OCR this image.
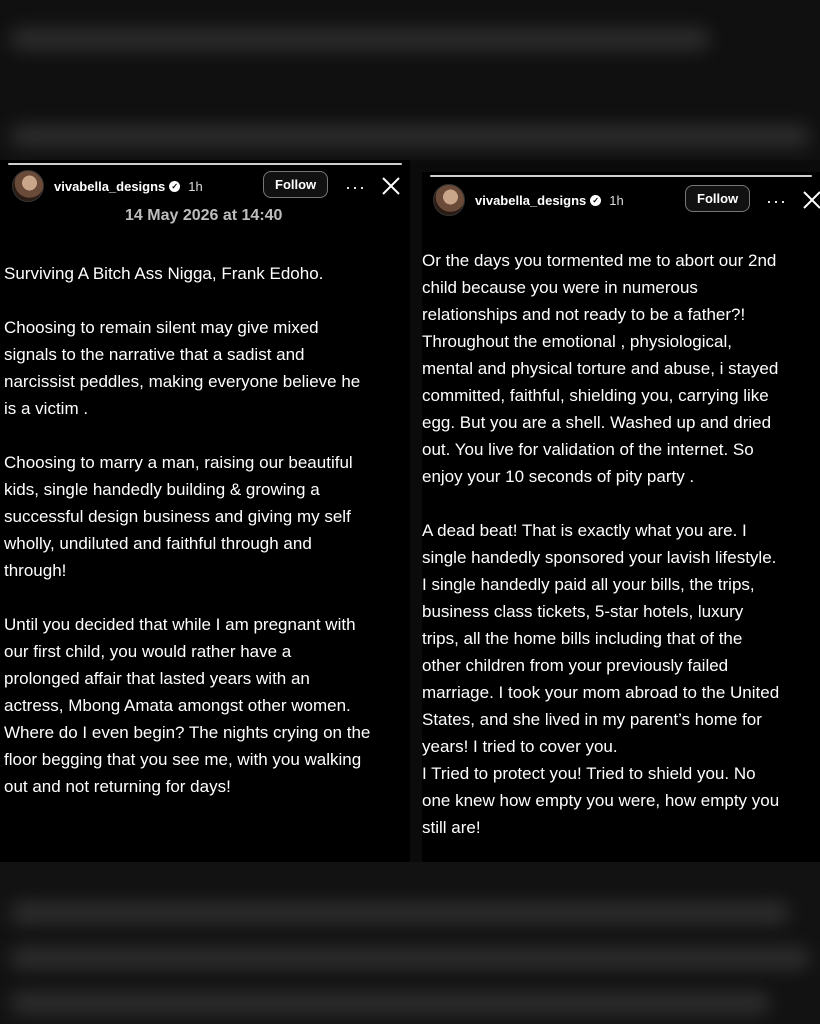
vivabella_designs ✓ 1h	Follow	···
14 May 2026 at 14:40
Surviving A Bitch Ass Nigga, Frank Edoho.

Choosing to remain silent may give mixed
signals to the narrative that a sadist and
narcissist peddles, making everyone believe he
is a victim .

Choosing to marry a man, raising our beautiful
kids, single handedly building & growing a
successful design business and giving my self
wholly, undiluted and faithful through and
through!

Until you decided that while I am pregnant with
our first child, you would rather have a
prolonged affair that lasted years with an
actress, Mbong Amata amongst other women.
Where do I even begin? The nights crying on the
floor begging that you see me, with you walking
out and not returning for days!
vivabella_designs ✓ 1h	Follow	···
Or the days you tormented me to abort our 2nd
child because you were in numerous
relationships and not ready to be a father?!
Throughout the emotional , physiological,
mental and physical torture and abuse, i stayed
committed, faithful, shielding you, carrying like
egg. But you are a shell. Washed up and dried
out. You live for validation of the internet. So
enjoy your 10 seconds of pity party .

A dead beat! That is exactly what you are. I
single handedly sponsored your lavish lifestyle.
I single handedly paid all your bills, the trips,
business class tickets, 5-star hotels, luxury
trips, all the home bills including that of the
other children from your previously failed
marriage. I took your mom abroad to the United
States, and she lived in my parent’s home for
years! I tried to cover you.
I Tried to protect you! Tried to shield you. No
one knew how empty you were, how empty you
still are!
